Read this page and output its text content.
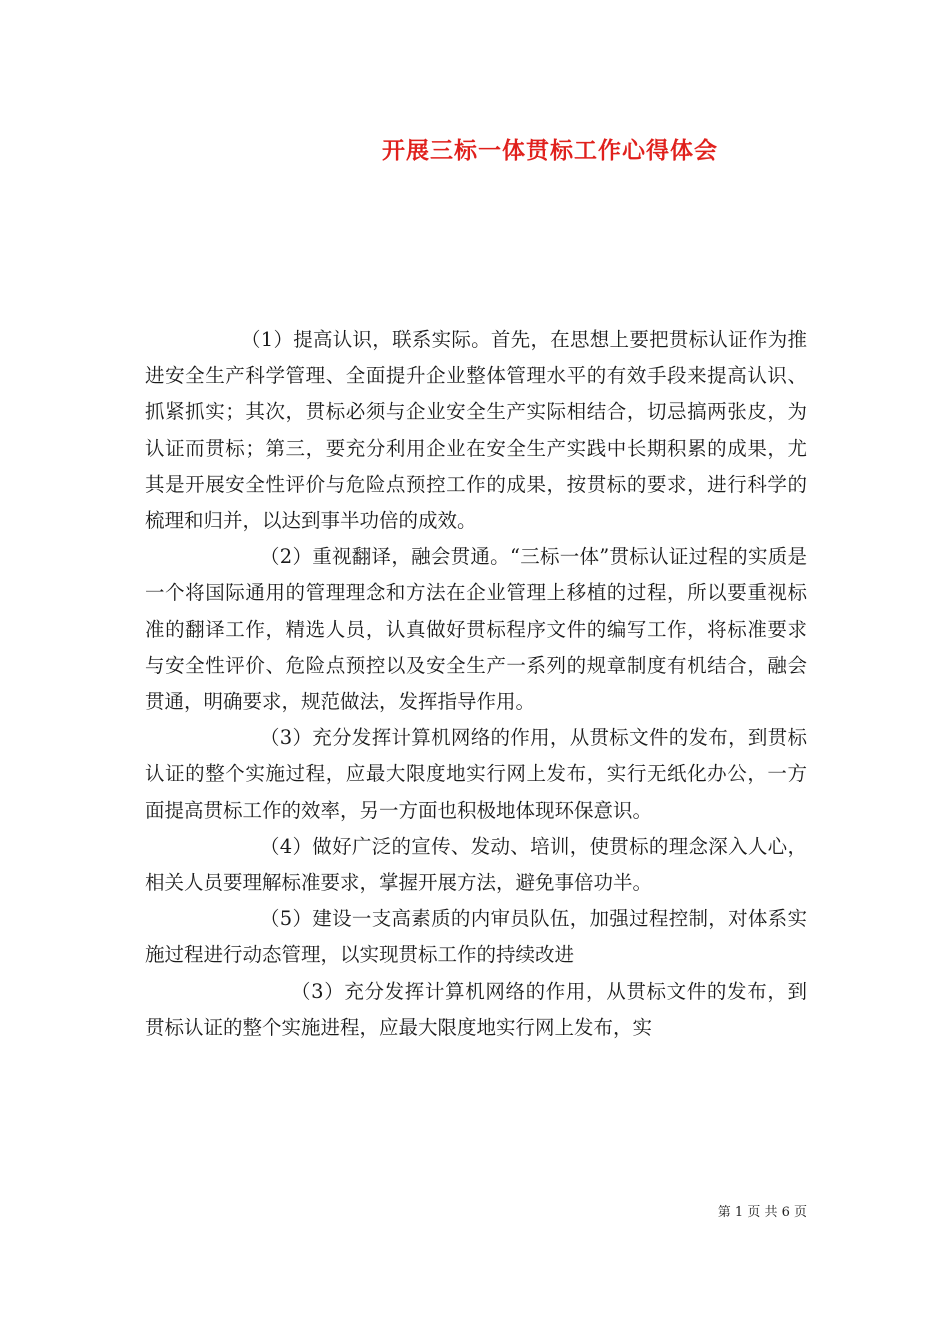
开展三标一体贯标工作心得体会

（1）提高认识，联系实际。首先，在思想上要把贯标认证作为推进安全生产科学管理、全面提升企业整体管理水平的有效手段来提高认识、抓紧抓实；其次，贯标必须与企业安全生产实际相结合，切忌搞两张皮，为认证而贯标；第三，要充分利用企业在安全生产实践中长期积累的成果，尤其是开展安全性评价与危险点预控工作的成果，按贯标的要求，进行科学的梳理和归并，以达到事半功倍的成效。

（2）重视翻译，融会贯通。“三标一体”贯标认证过程的实质是一个将国际通用的管理理念和方法在企业管理上移植的过程，所以要重视标准的翻译工作，精选人员，认真做好贯标程序文件的编写工作，将标准要求与安全性评价、危险点预控以及安全生产一系列的规章制度有机结合，融会贯通，明确要求，规范做法，发挥指导作用。

（3）充分发挥计算机网络的作用，从贯标文件的发布，到贯标认证的整个实施过程，应最大限度地实行网上发布，实行无纸化办公，一方面提高贯标工作的效率，另一方面也积极地体现环保意识。

（4）做好广泛的宣传、发动、培训，使贯标的理念深入人心，相关人员要理解标准要求，掌握开展方法，避免事倍功半。

（5）建设一支高素质的内审员队伍，加强过程控制，对体系实施过程进行动态管理，以实现贯标工作的持续改进

（3）充分发挥计算机网络的作用，从贯标文件的发布，到贯标认证的整个实施进程，应最大限度地实行网上发布，实

第 1 页 共 6 页
